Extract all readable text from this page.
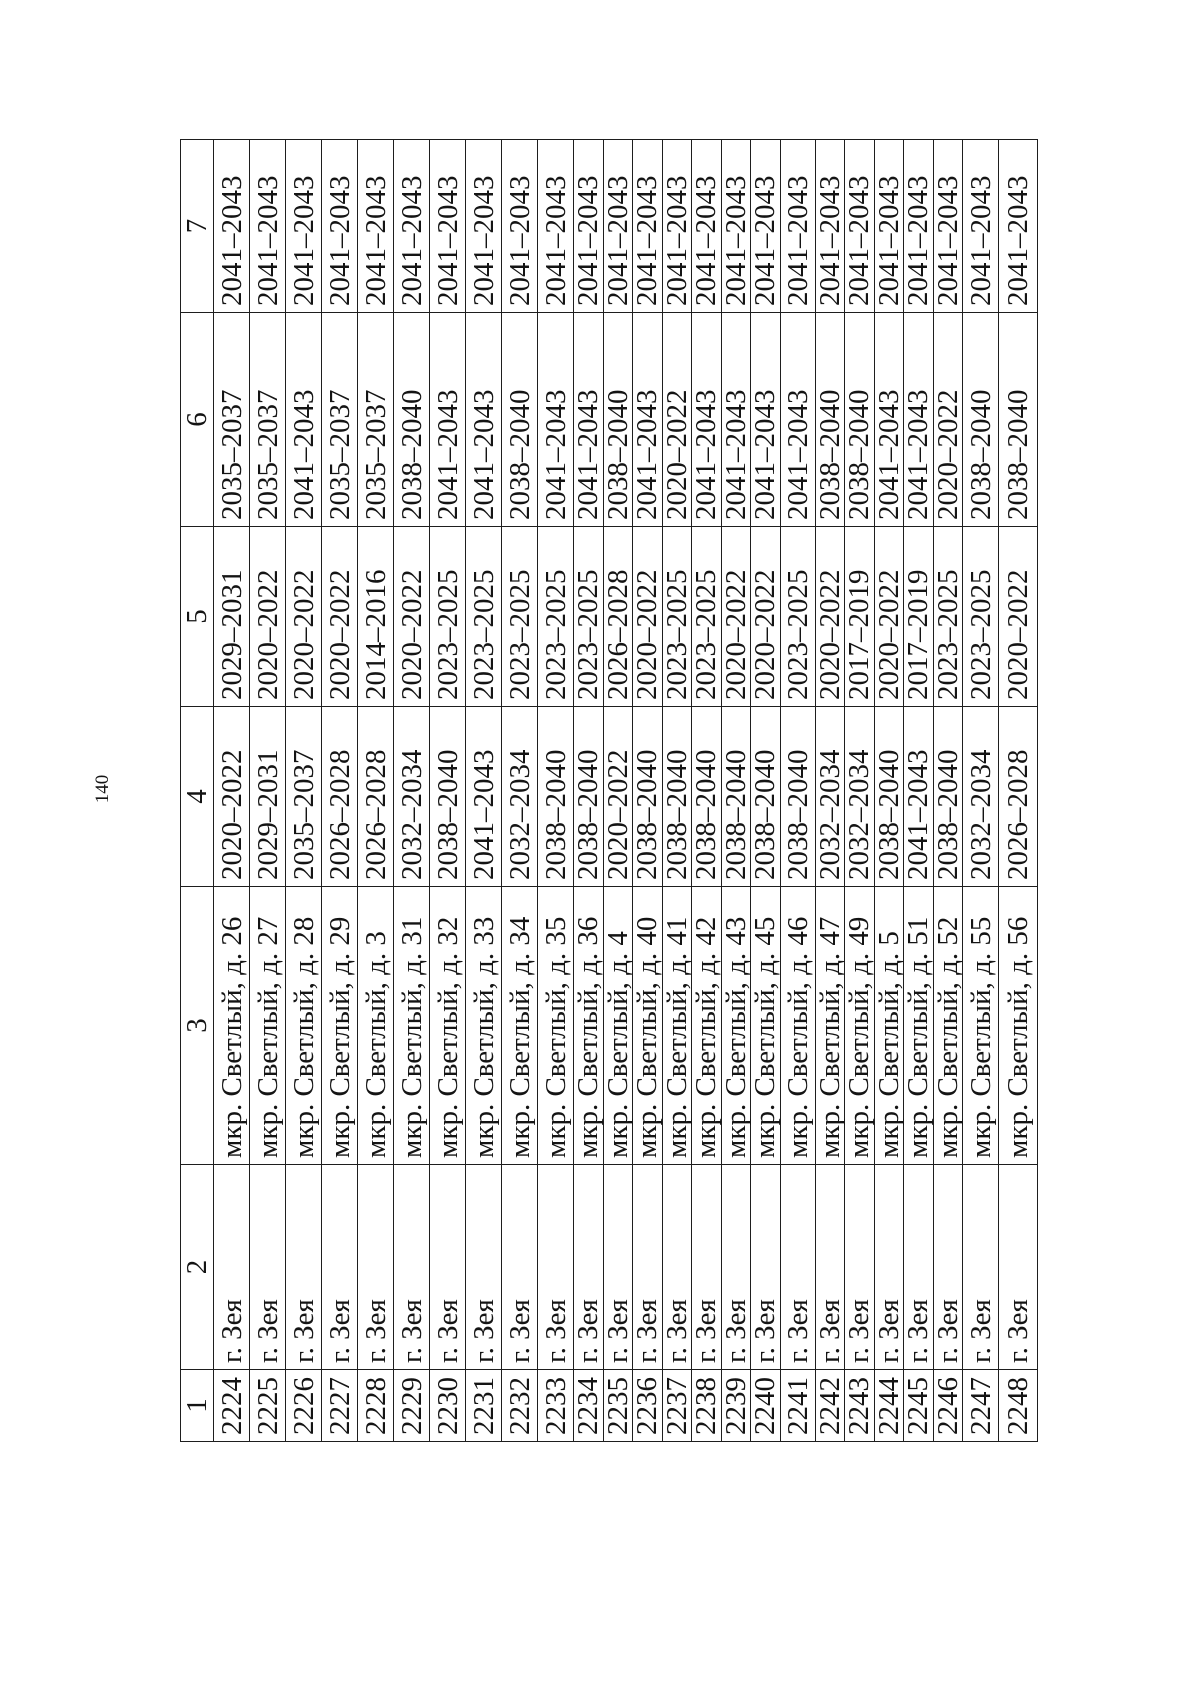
140
1	2	3	4	5	6	7
2224	г. Зея	мкр. Светлый, д. 26	2020–2022	2029–2031	2035–2037	2041–2043
2225	г. Зея	мкр. Светлый, д. 27	2029–2031	2020–2022	2035–2037	2041–2043
2226	г. Зея	мкр. Светлый, д. 28	2035–2037	2020–2022	2041–2043	2041–2043
2227	г. Зея	мкр. Светлый, д. 29	2026–2028	2020–2022	2035–2037	2041–2043
2228	г. Зея	мкр. Светлый, д. 3	2026–2028	2014–2016	2035–2037	2041–2043
2229	г. Зея	мкр. Светлый, д. 31	2032–2034	2020–2022	2038–2040	2041–2043
2230	г. Зея	мкр. Светлый, д. 32	2038–2040	2023–2025	2041–2043	2041–2043
2231	г. Зея	мкр. Светлый, д. 33	2041–2043	2023–2025	2041–2043	2041–2043
2232	г. Зея	мкр. Светлый, д. 34	2032–2034	2023–2025	2038–2040	2041–2043
2233	г. Зея	мкр. Светлый, д. 35	2038–2040	2023–2025	2041–2043	2041–2043
2234	г. Зея	мкр. Светлый, д. 36	2038–2040	2023–2025	2041–2043	2041–2043
2235	г. Зея	мкр. Светлый, д. 4	2020–2022	2026–2028	2038–2040	2041–2043
2236	г. Зея	мкр. Светлый, д. 40	2038–2040	2020–2022	2041–2043	2041–2043
2237	г. Зея	мкр. Светлый, д. 41	2038–2040	2023–2025	2020–2022	2041–2043
2238	г. Зея	мкр. Светлый, д. 42	2038–2040	2023–2025	2041–2043	2041–2043
2239	г. Зея	мкр. Светлый, д. 43	2038–2040	2020–2022	2041–2043	2041–2043
2240	г. Зея	мкр. Светлый, д. 45	2038–2040	2020–2022	2041–2043	2041–2043
2241	г. Зея	мкр. Светлый, д. 46	2038–2040	2023–2025	2041–2043	2041–2043
2242	г. Зея	мкр. Светлый, д. 47	2032–2034	2020–2022	2038–2040	2041–2043
2243	г. Зея	мкр. Светлый, д. 49	2032–2034	2017–2019	2038–2040	2041–2043
2244	г. Зея	мкр. Светлый, д. 5	2038–2040	2020–2022	2041–2043	2041–2043
2245	г. Зея	мкр. Светлый, д. 51	2041–2043	2017–2019	2041–2043	2041–2043
2246	г. Зея	мкр. Светлый, д. 52	2038–2040	2023–2025	2020–2022	2041–2043
2247	г. Зея	мкр. Светлый, д. 55	2032–2034	2023–2025	2038–2040	2041–2043
2248	г. Зея	мкр. Светлый, д. 56	2026–2028	2020–2022	2038–2040	2041–2043
